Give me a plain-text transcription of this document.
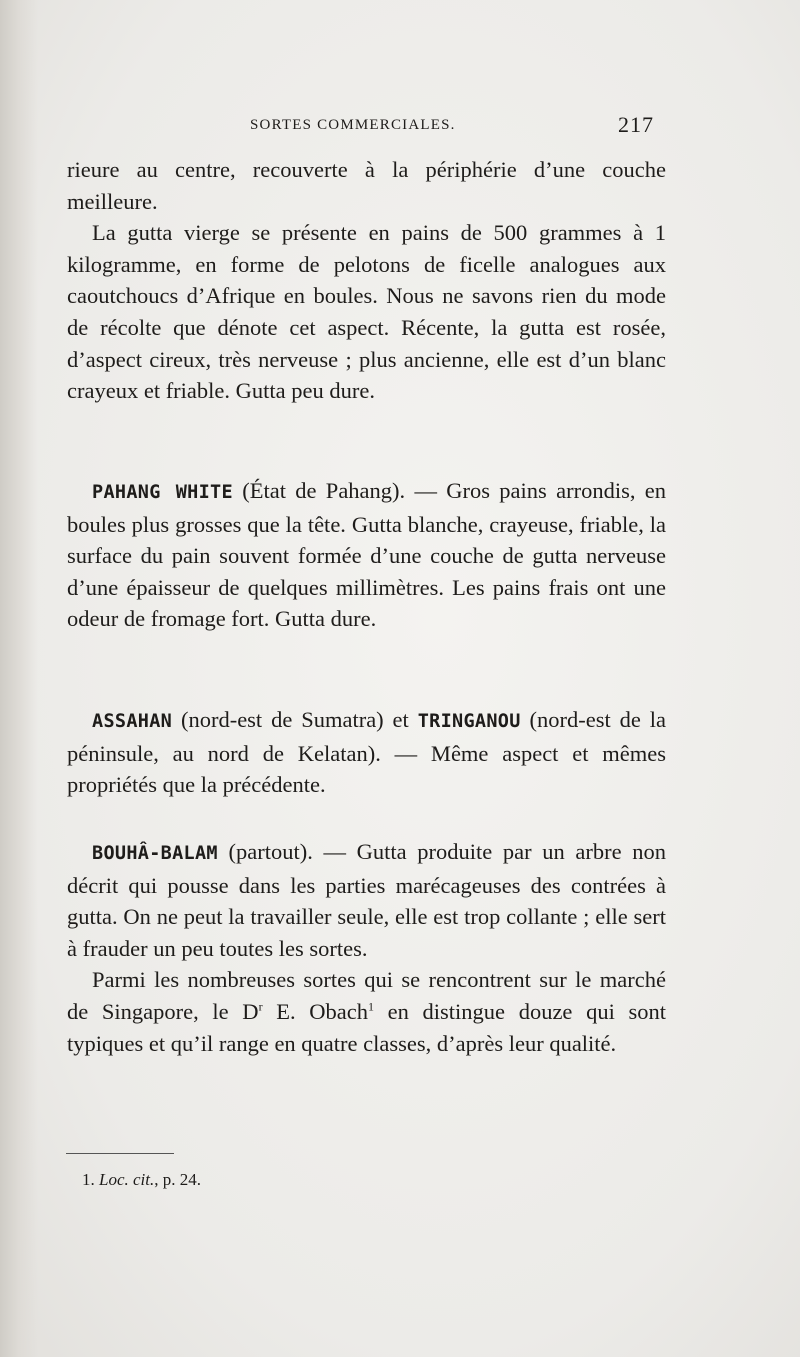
SORTES COMMERCIALES.	217

rieure au centre, recouverte à la périphérie d’une couche meilleure.

La gutta vierge se présente en pains de 500 grammes à 1 kilogramme, en forme de pelotons de ficelle analogues aux caoutchoucs d’Afrique en boules. Nous ne savons rien du mode de récolte que dénote cet aspect. Récente, la gutta est rosée, d’aspect cireux, très nerveuse ; plus ancienne, elle est d’un blanc crayeux et friable. Gutta peu dure.

PAHANG WHITE (État de Pahang). — Gros pains arrondis, en boules plus grosses que la tête. Gutta blanche, crayeuse, friable, la surface du pain souvent formée d’une couche de gutta nerveuse d’une épaisseur de quelques millimètres. Les pains frais ont une odeur de fromage fort. Gutta dure.

ASSAHAN (nord-est de Sumatra) et TRINGANOU (nord-est de la péninsule, au nord de Kelatan). — Même aspect et mêmes propriétés que la précédente.

BOUHÂ-BALAM (partout). — Gutta produite par un arbre non décrit qui pousse dans les parties marécageuses des contrées à gutta. On ne peut la travailler seule, elle est trop collante ; elle sert à frauder un peu toutes les sortes.

Parmi les nombreuses sortes qui se rencontrent sur le marché de Singapore, le $D^r$ E. Obach$^1$ en distingue douze qui sont typiques et qu’il range en quatre classes, d’après leur qualité.

1. Loc. cit., p. 24.
